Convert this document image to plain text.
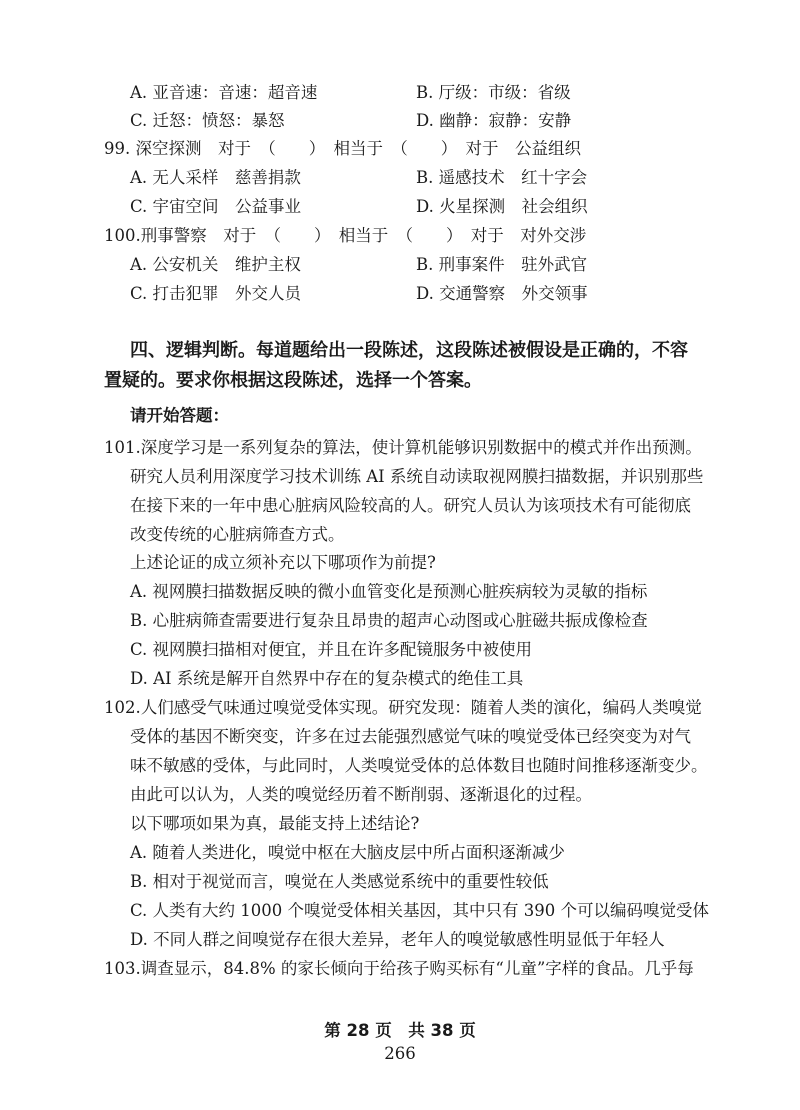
A. 亚音速：音速：超音速	B. 厅级：市级：省级
C. 迁怒：愤怒：暴怒	D. 幽静：寂静：安静
99. 深空探测　对于　（　　）　相当于　（　　）　对于　公益组织
A. 无人采样　慈善捐款	B. 遥感技术　红十字会
C. 宇宙空间　公益事业	D. 火星探测　社会组织
100.刑事警察　对于　（　　）　相当于　（　　）　对于　对外交涉
A. 公安机关　维护主权	B. 刑事案件　驻外武官
C. 打击犯罪　外交人员	D. 交通警察　外交领事
四、逻辑判断。每道题给出一段陈述，这段陈述被假设是正确的，不容
置疑的。要求你根据这段陈述，选择一个答案。
请开始答题：
101.深度学习是一系列复杂的算法，使计算机能够识别数据中的模式并作出预测。
研究人员利用深度学习技术训练 AI 系统自动读取视网膜扫描数据，并识别那些
在接下来的一年中患心脏病风险较高的人。研究人员认为该项技术有可能彻底
改变传统的心脏病筛查方式。
上述论证的成立须补充以下哪项作为前提?
A. 视网膜扫描数据反映的微小血管变化是预测心脏疾病较为灵敏的指标
B. 心脏病筛查需要进行复杂且昂贵的超声心动图或心脏磁共振成像检查
C. 视网膜扫描相对便宜，并且在许多配镜服务中被使用
D. AI 系统是解开自然界中存在的复杂模式的绝佳工具
102.人们感受气味通过嗅觉受体实现。研究发现：随着人类的演化，编码人类嗅觉
受体的基因不断突变，许多在过去能强烈感觉气味的嗅觉受体已经突变为对气
味不敏感的受体，与此同时，人类嗅觉受体的总体数目也随时间推移逐渐变少。
由此可以认为，人类的嗅觉经历着不断削弱、逐渐退化的过程。
以下哪项如果为真，最能支持上述结论?
A. 随着人类进化，嗅觉中枢在大脑皮层中所占面积逐渐减少
B. 相对于视觉而言，嗅觉在人类感觉系统中的重要性较低
C. 人类有大约 1000 个嗅觉受体相关基因，其中只有 390 个可以编码嗅觉受体
D. 不同人群之间嗅觉存在很大差异，老年人的嗅觉敏感性明显低于年轻人
103.调查显示，84.8% 的家长倾向于给孩子购买标有“儿童”字样的食品。几乎每
第 28 页　共 38 页
266
